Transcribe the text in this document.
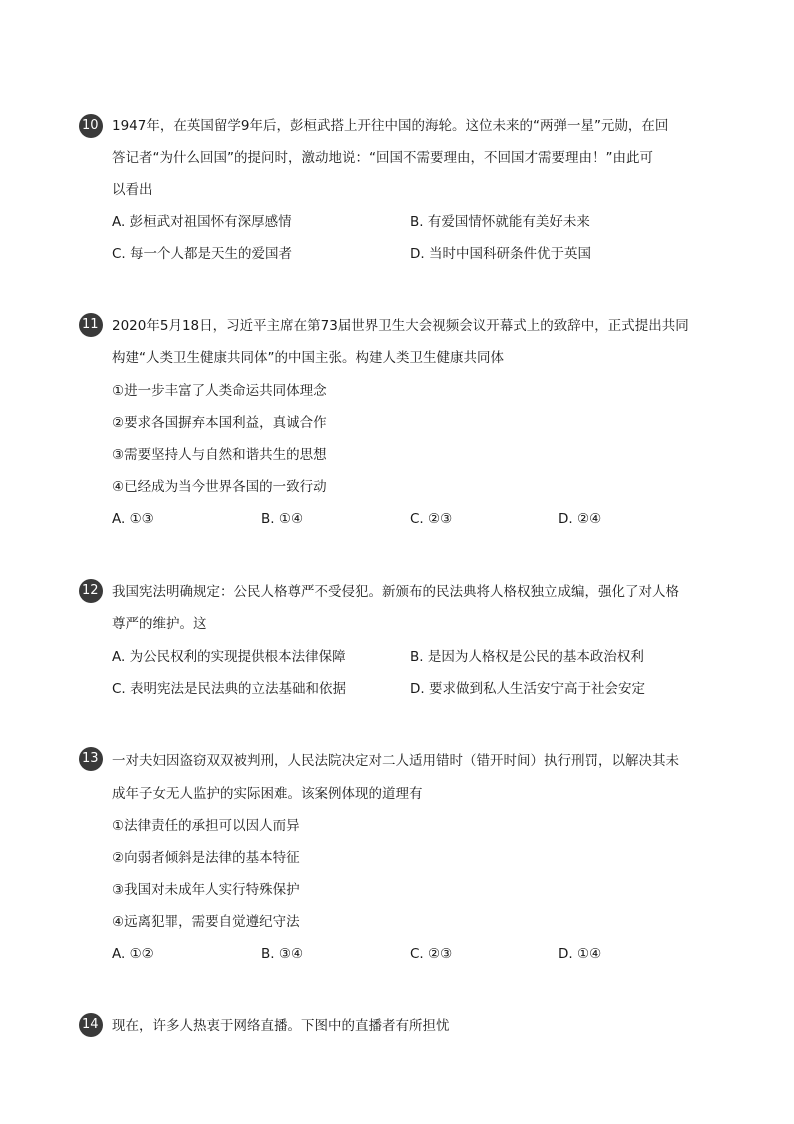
10 1947年，在英国留学9年后，彭桓武搭上开往中国的海轮。这位未来的“两弹一星”元勋，在回
答记者“为什么回国”的提问时，激动地说：“回国不需要理由，不回国才需要理由！”由此可
以看出
A. 彭桓武对祖国怀有深厚感情	B. 有爱国情怀就能有美好未来
C. 每一个人都是天生的爱国者	D. 当时中国科研条件优于英国
11 2020年5月18日，习近平主席在第73届世界卫生大会视频会议开幕式上的致辞中，正式提出共同
构建“人类卫生健康共同体”的中国主张。构建人类卫生健康共同体
①进一步丰富了人类命运共同体理念
②要求各国摒弃本国利益，真诚合作
③需要坚持人与自然和谐共生的思想
④已经成为当今世界各国的一致行动
A. ①③	B. ①④	C. ②③	D. ②④
12 我国宪法明确规定：公民人格尊严不受侵犯。新颁布的民法典将人格权独立成编，强化了对人格
尊严的维护。这
A. 为公民权利的实现提供根本法律保障	B. 是因为人格权是公民的基本政治权利
C. 表明宪法是民法典的立法基础和依据	D. 要求做到私人生活安宁高于社会安定
13 一对夫妇因盗窃双双被判刑，人民法院决定对二人适用错时（错开时间）执行刑罚，以解决其未
成年子女无人监护的实际困难。该案例体现的道理有
①法律责任的承担可以因人而异
②向弱者倾斜是法律的基本特征
③我国对未成年人实行特殊保护
④远离犯罪，需要自觉遵纪守法
A. ①②	B. ③④	C. ②③	D. ①④
14 现在，许多人热衷于网络直播。下图中的直播者有所担忧
